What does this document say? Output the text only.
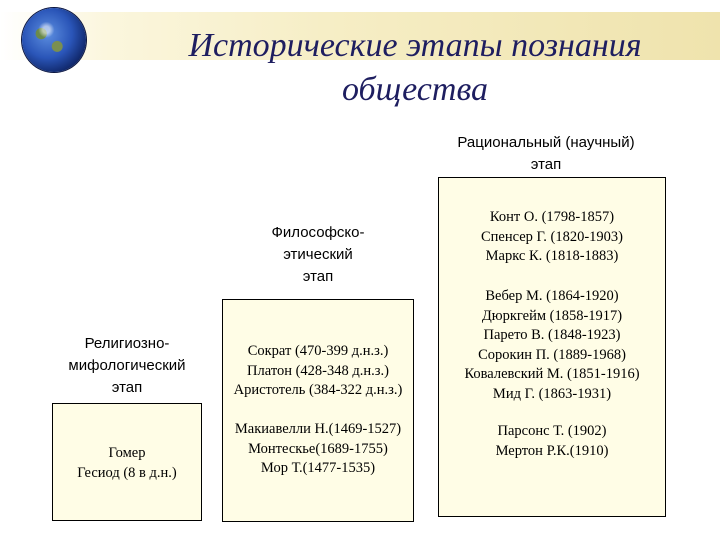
Исторические этапы познания
общества
Рациональный (научный)
этап
Конт О. (1798-1857)
Спенсер Г. (1820-1903)
Маркс К. (1818-1883)
Вебер М. (1864-1920)
Дюркгейм (1858-1917)
Парето В. (1848-1923)
Сорокин П. (1889-1968)
Ковалевский М. (1851-1916)
Мид Г. (1863-1931)
Парсонс Т. (1902)
Мертон Р.К.(1910)
Философско-
этический
этап
Сократ (470-399 д.н.з.)
Платон (428-348 д.н.з.)
Аристотель (384-322 д.н.з.)
Макиавелли Н.(1469-1527)
Монтескье(1689-1755)
Мор Т.(1477-1535)
Религиозно-
мифологический
этап
Гомер
Гесиод (8 в д.н.)
